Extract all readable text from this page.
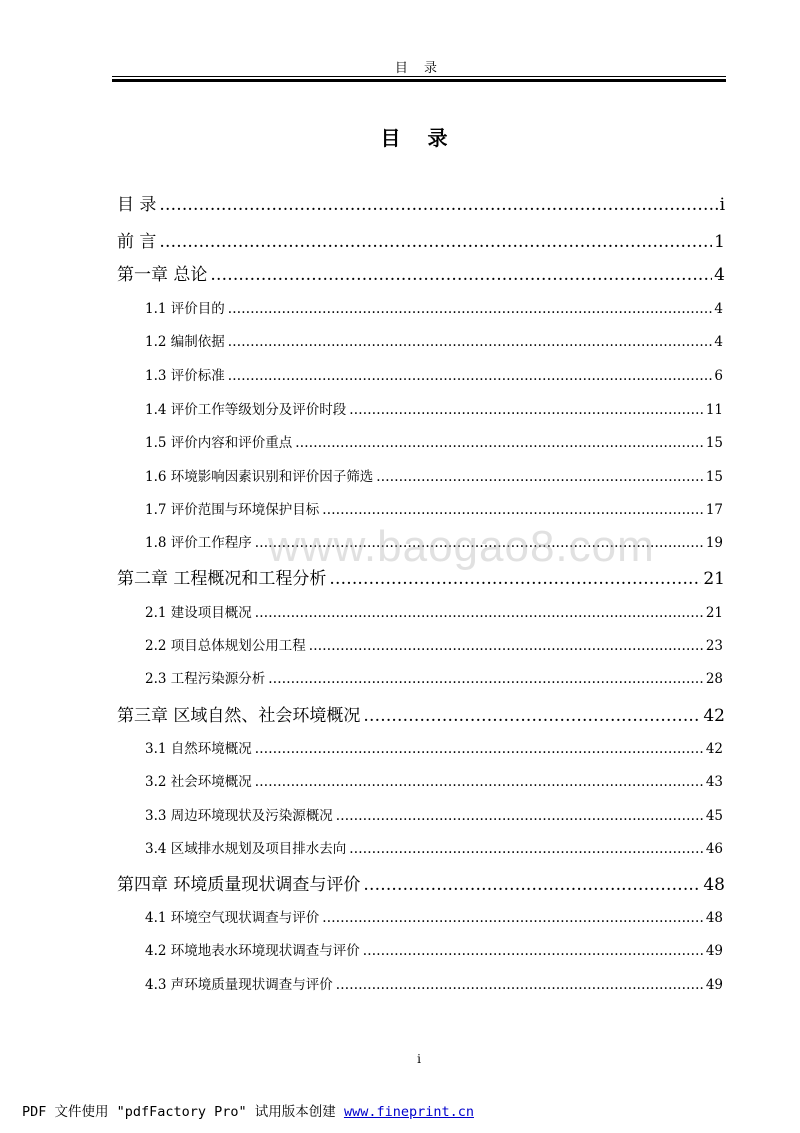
目 录
目 录
目 录 .....	i
前 言 .....	1
第一章 总论 .....	4
1.1 评价目的 .....	4
1.2 编制依据 .....	4
1.3 评价标准 .....	6
1.4 评价工作等级划分及评价时段 .....	11
1.5 评价内容和评价重点 .....	15
1.6 环境影响因素识别和评价因子筛选 .....	15
1.7 评价范围与环境保护目标 .....	17
1.8 评价工作程序 .....	19
第二章 工程概况和工程分析 .....	21
2.1 建设项目概况 .....	21
2.2 项目总体规划公用工程 .....	23
2.3 工程污染源分析 .....	28
第三章 区域自然、社会环境概况 .....	42
3.1 自然环境概况 .....	42
3.2 社会环境概况 .....	43
3.3 周边环境现状及污染源概况 .....	45
3.4 区域排水规划及项目排水去向 .....	46
第四章 环境质量现状调查与评价 .....	48
4.1 环境空气现状调查与评价 .....	48
4.2 环境地表水环境现状调查与评价 .....	49
4.3 声环境质量现状调查与评价 .....	49
www.baogao8.com
i
PDF 文件使用 "pdfFactory Pro" 试用版本创建 www.fineprint.cn
